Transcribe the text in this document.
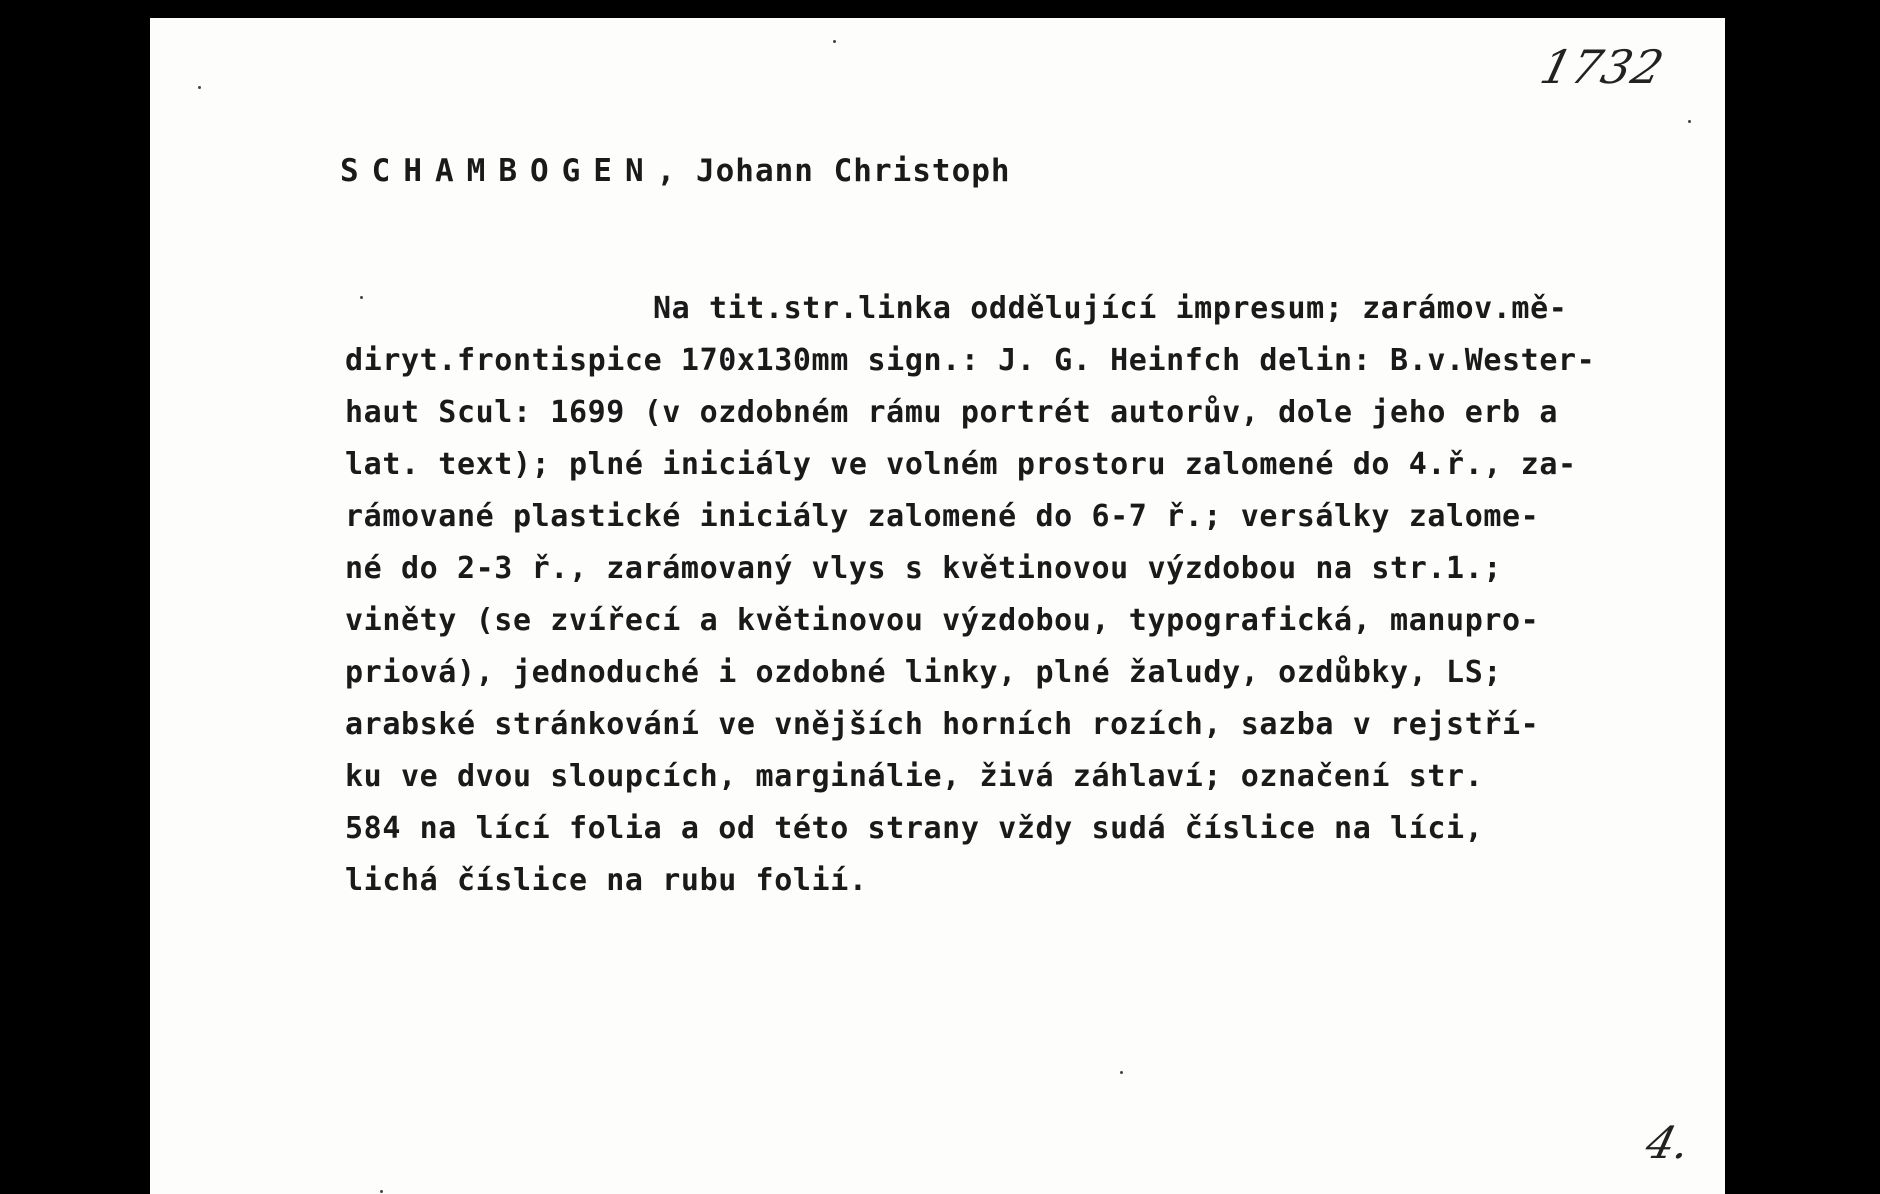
1732
SCHAMBOGEN, Johann Christoph
Na tit.str.linka oddělující impresum; zarámov.mě-
diryt.frontispice 170x130mm sign.: J. G. Heinfch delin: B.v.Wester-
haut Scul: 1699 (v ozdobném rámu portrét autorův, dole jeho erb a
lat. text); plné iniciály ve volném prostoru zalomené do 4.ř., za-
rámované plastické iniciály zalomené do 6-7 ř.; versálky zalome-
né do 2-3 ř., zarámovaný vlys s květinovou výzdobou na str.1.;
viněty (se zvířecí a květinovou výzdobou, typografická, manupro-
priová), jednoduché i ozdobné linky, plné žaludy, ozdůbky, LS;
arabské stránkování ve vnějších horních rozích, sazba v rejstří-
ku ve dvou sloupcích, marginálie, živá záhlaví; označení str.
584 na lící folia a od této strany vždy sudá číslice na líci,
lichá číslice na rubu folií.
4.
